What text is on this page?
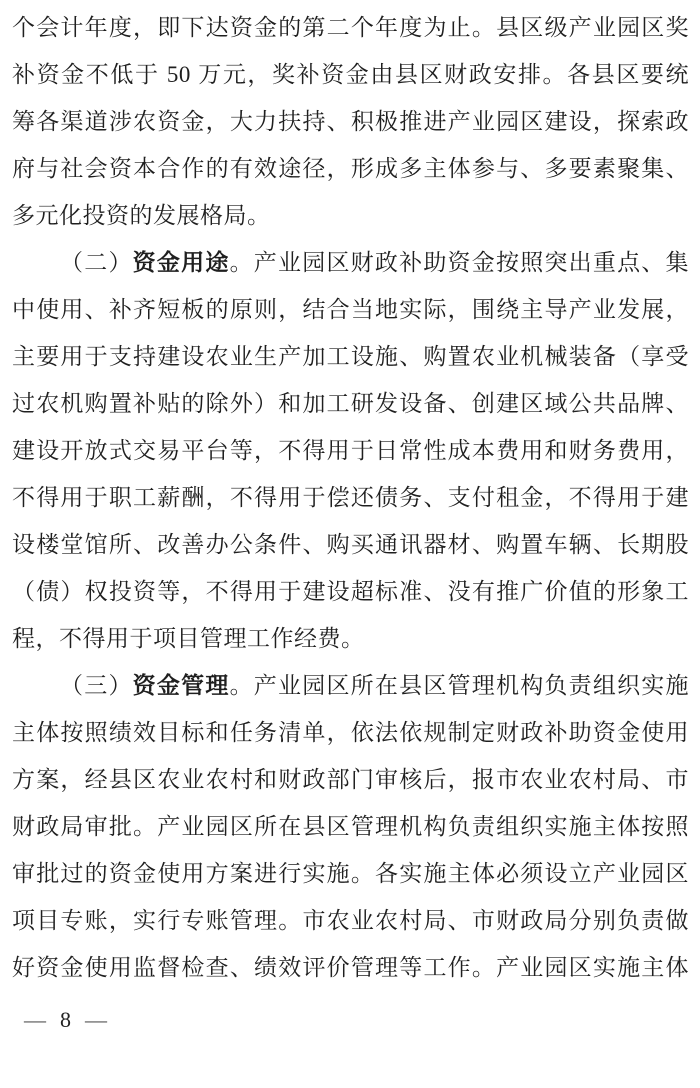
个会计年度，即下达资金的第二个年度为止。县区级产业园区奖
补资金不低于 50 万元，奖补资金由县区财政安排。各县区要统
筹各渠道涉农资金，大力扶持、积极推进产业园区建设，探索政
府与社会资本合作的有效途径，形成多主体参与、多要素聚集、
多元化投资的发展格局。
（二）资金用途。产业园区财政补助资金按照突出重点、集
中使用、补齐短板的原则，结合当地实际，围绕主导产业发展，
主要用于支持建设农业生产加工设施、购置农业机械装备（享受
过农机购置补贴的除外）和加工研发设备、创建区域公共品牌、
建设开放式交易平台等，不得用于日常性成本费用和财务费用，
不得用于职工薪酬，不得用于偿还债务、支付租金，不得用于建
设楼堂馆所、改善办公条件、购买通讯器材、购置车辆、长期股
（债）权投资等，不得用于建设超标准、没有推广价值的形象工
程，不得用于项目管理工作经费。
（三）资金管理。产业园区所在县区管理机构负责组织实施
主体按照绩效目标和任务清单，依法依规制定财政补助资金使用
方案，经县区农业农村和财政部门审核后，报市农业农村局、市
财政局审批。产业园区所在县区管理机构负责组织实施主体按照
审批过的资金使用方案进行实施。各实施主体必须设立产业园区
项目专账，实行专账管理。市农业农村局、市财政局分别负责做
好资金使用监督检查、绩效评价管理等工作。产业园区实施主体
— 8 —
